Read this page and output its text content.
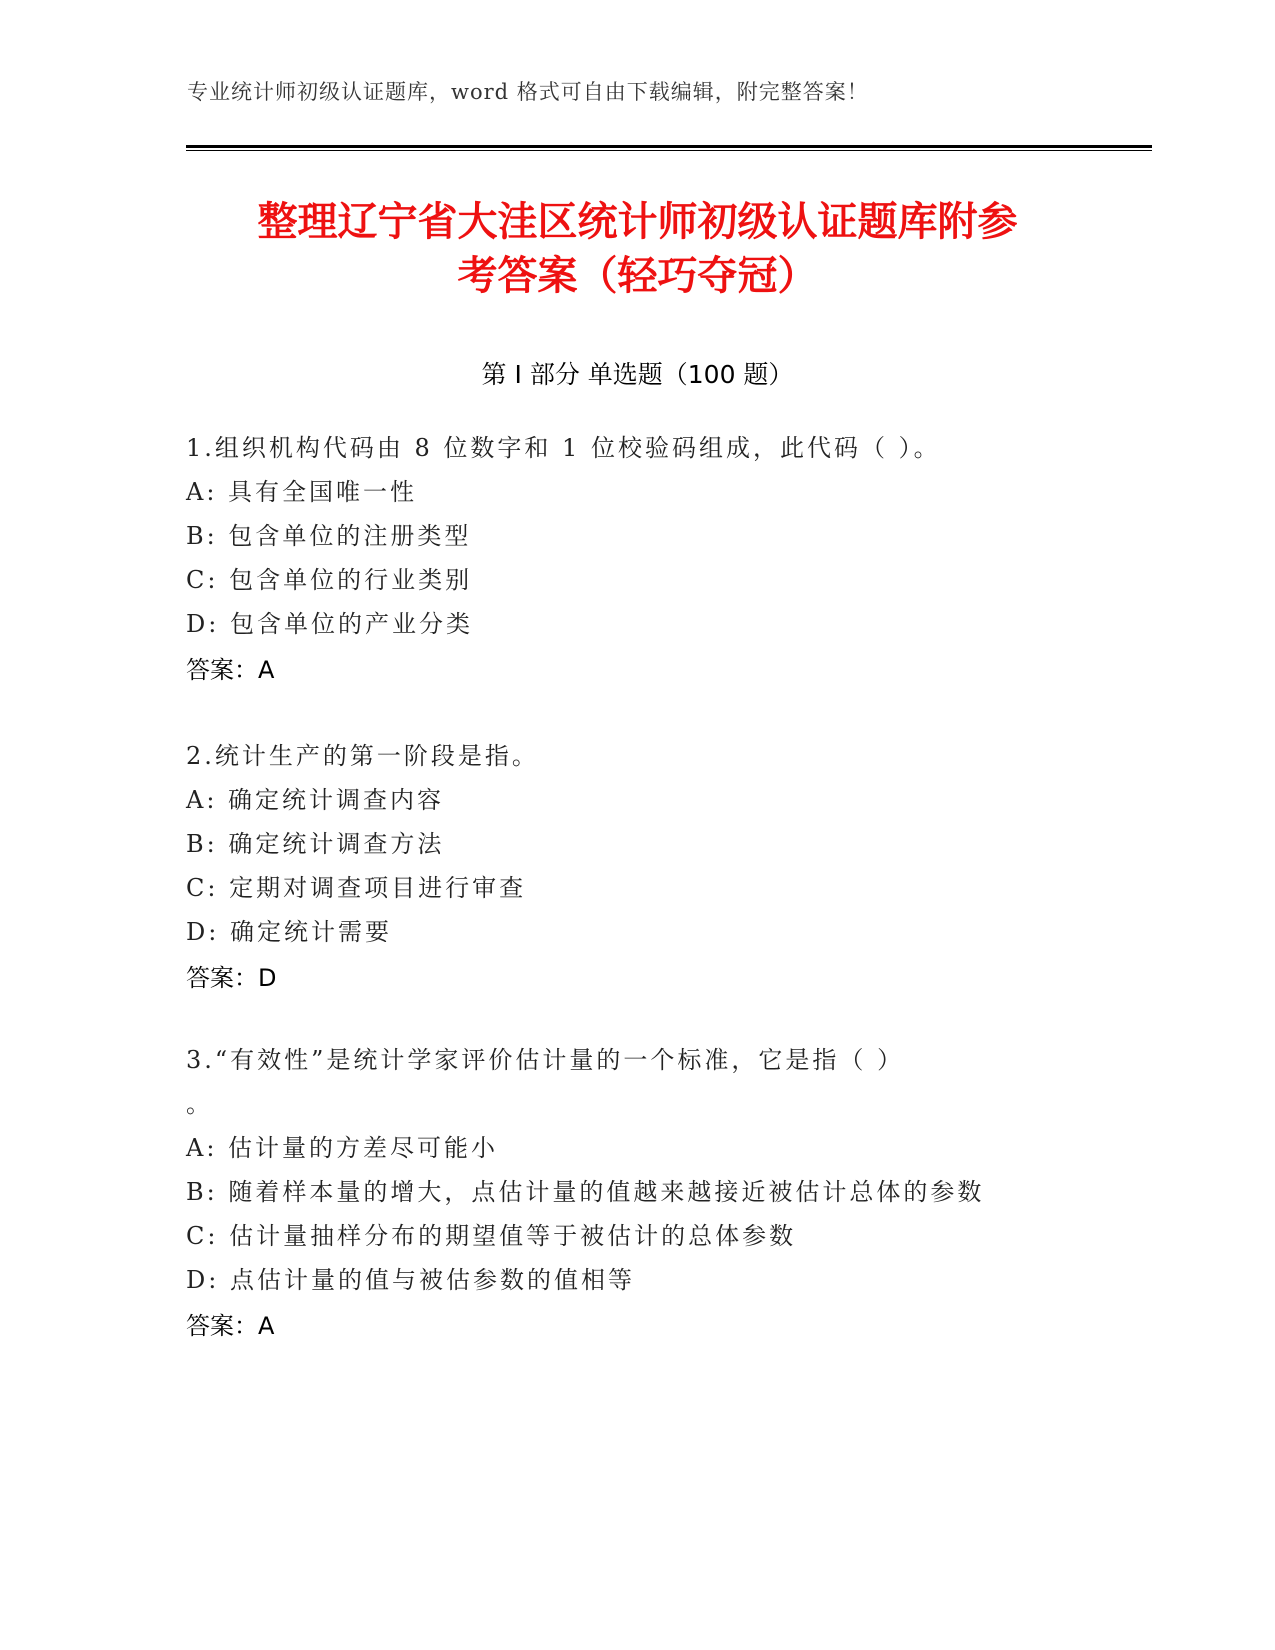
专业统计师初级认证题库，word 格式可自由下载编辑，附完整答案！
整理辽宁省大洼区统计师初级认证题库附参
考答案（轻巧夺冠）
第 I 部分 单选题（100 题）
1.组织机构代码由 8 位数字和 1 位校验码组成，此代码（ ）。
A: 具有全国唯一性
B: 包含单位的注册类型
C: 包含单位的行业类别
D: 包含单位的产业分类
答案：A
2.统计生产的第一阶段是指。
A: 确定统计调查内容
B: 确定统计调查方法
C: 定期对调查项目进行审查
D: 确定统计需要
答案：D
3.“有效性”是统计学家评价估计量的一个标准，它是指（ ）
。
A: 估计量的方差尽可能小
B: 随着样本量的增大，点估计量的值越来越接近被估计总体的参数
C: 估计量抽样分布的期望值等于被估计的总体参数
D: 点估计量的值与被估参数的值相等
答案：A
